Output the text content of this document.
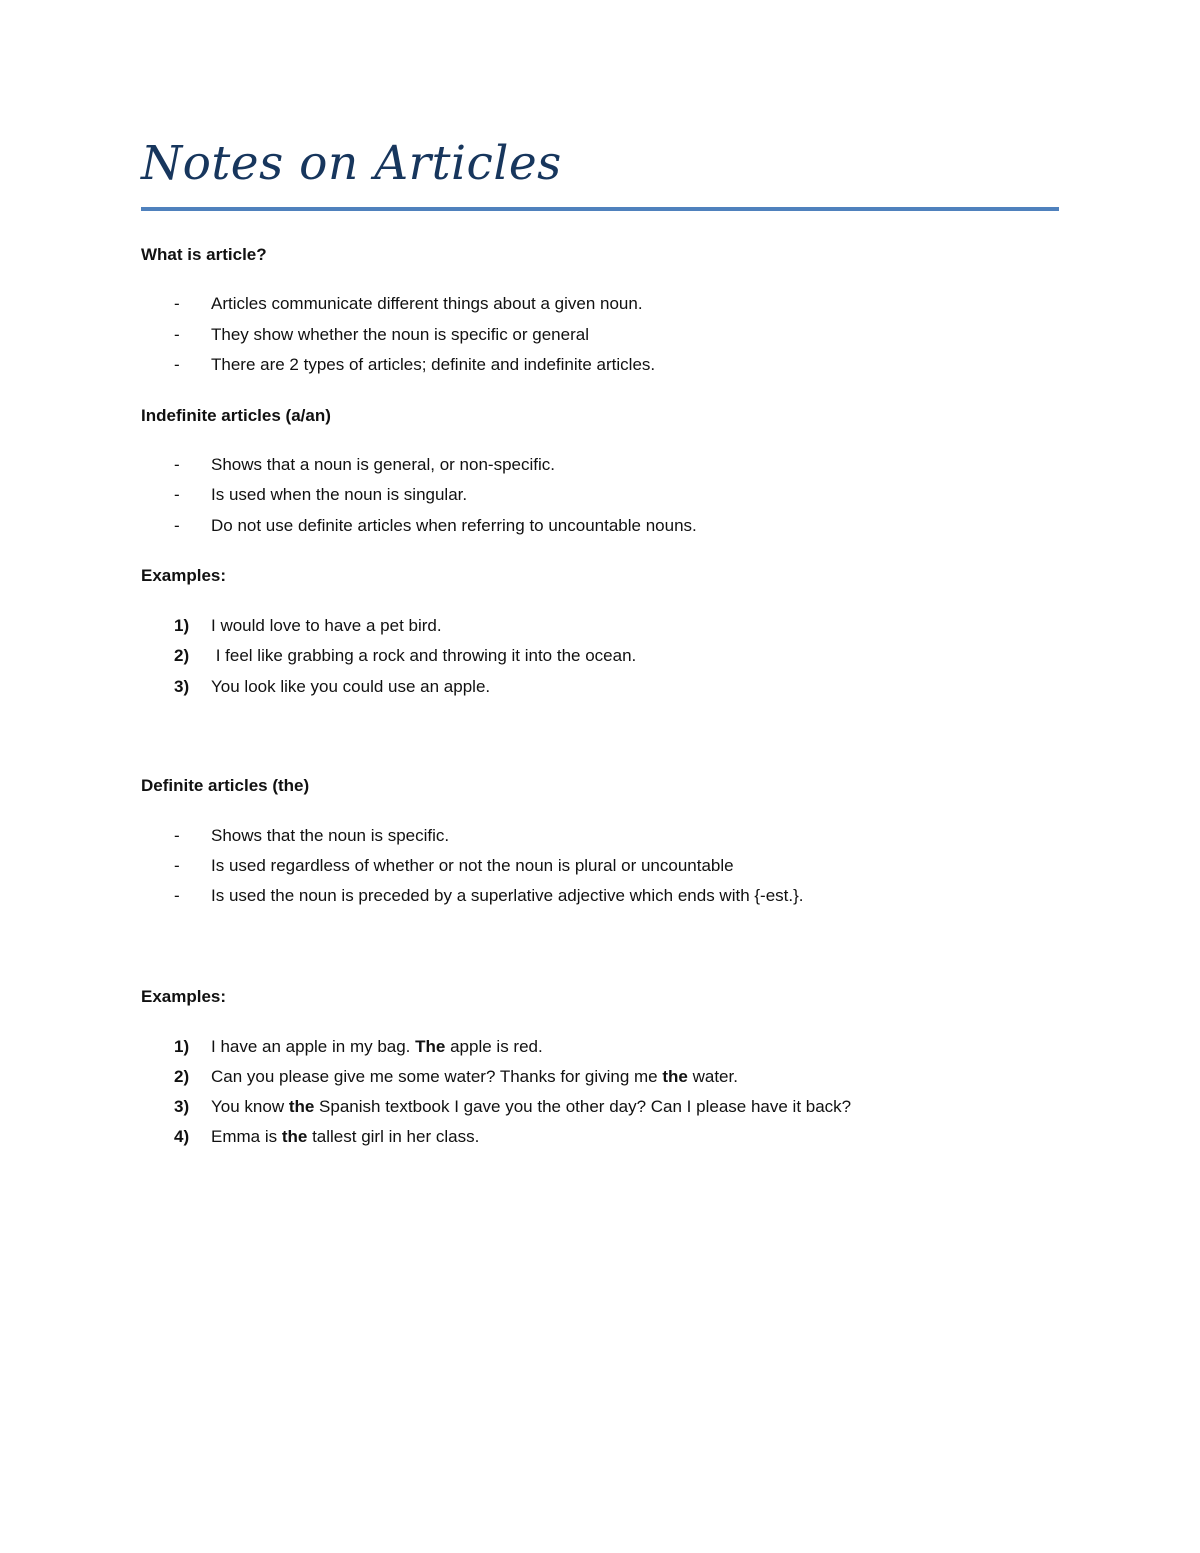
Notes on Articles
What is article?
- Articles communicate different things about a given noun.
- They show whether the noun is specific or general
- There are 2 types of articles; definite and indefinite articles.
Indefinite articles (a/an)
- Shows that a noun is general, or non-specific.
- Is used when the noun is singular.
- Do not use definite articles when referring to uncountable nouns.
Examples:
1) I would love to have a pet bird.
2) I feel like grabbing a rock and throwing it into the ocean.
3) You look like you could use an apple.
Definite articles (the)
- Shows that the noun is specific.
- Is used regardless of whether or not the noun is plural or uncountable
- Is used the noun is preceded by a superlative adjective which ends with {-est.}.
Examples:
1) I have an apple in my bag. The apple is red.
2) Can you please give me some water? Thanks for giving me the water.
3) You know the Spanish textbook I gave you the other day? Can I please have it back?
4) Emma is the tallest girl in her class.
